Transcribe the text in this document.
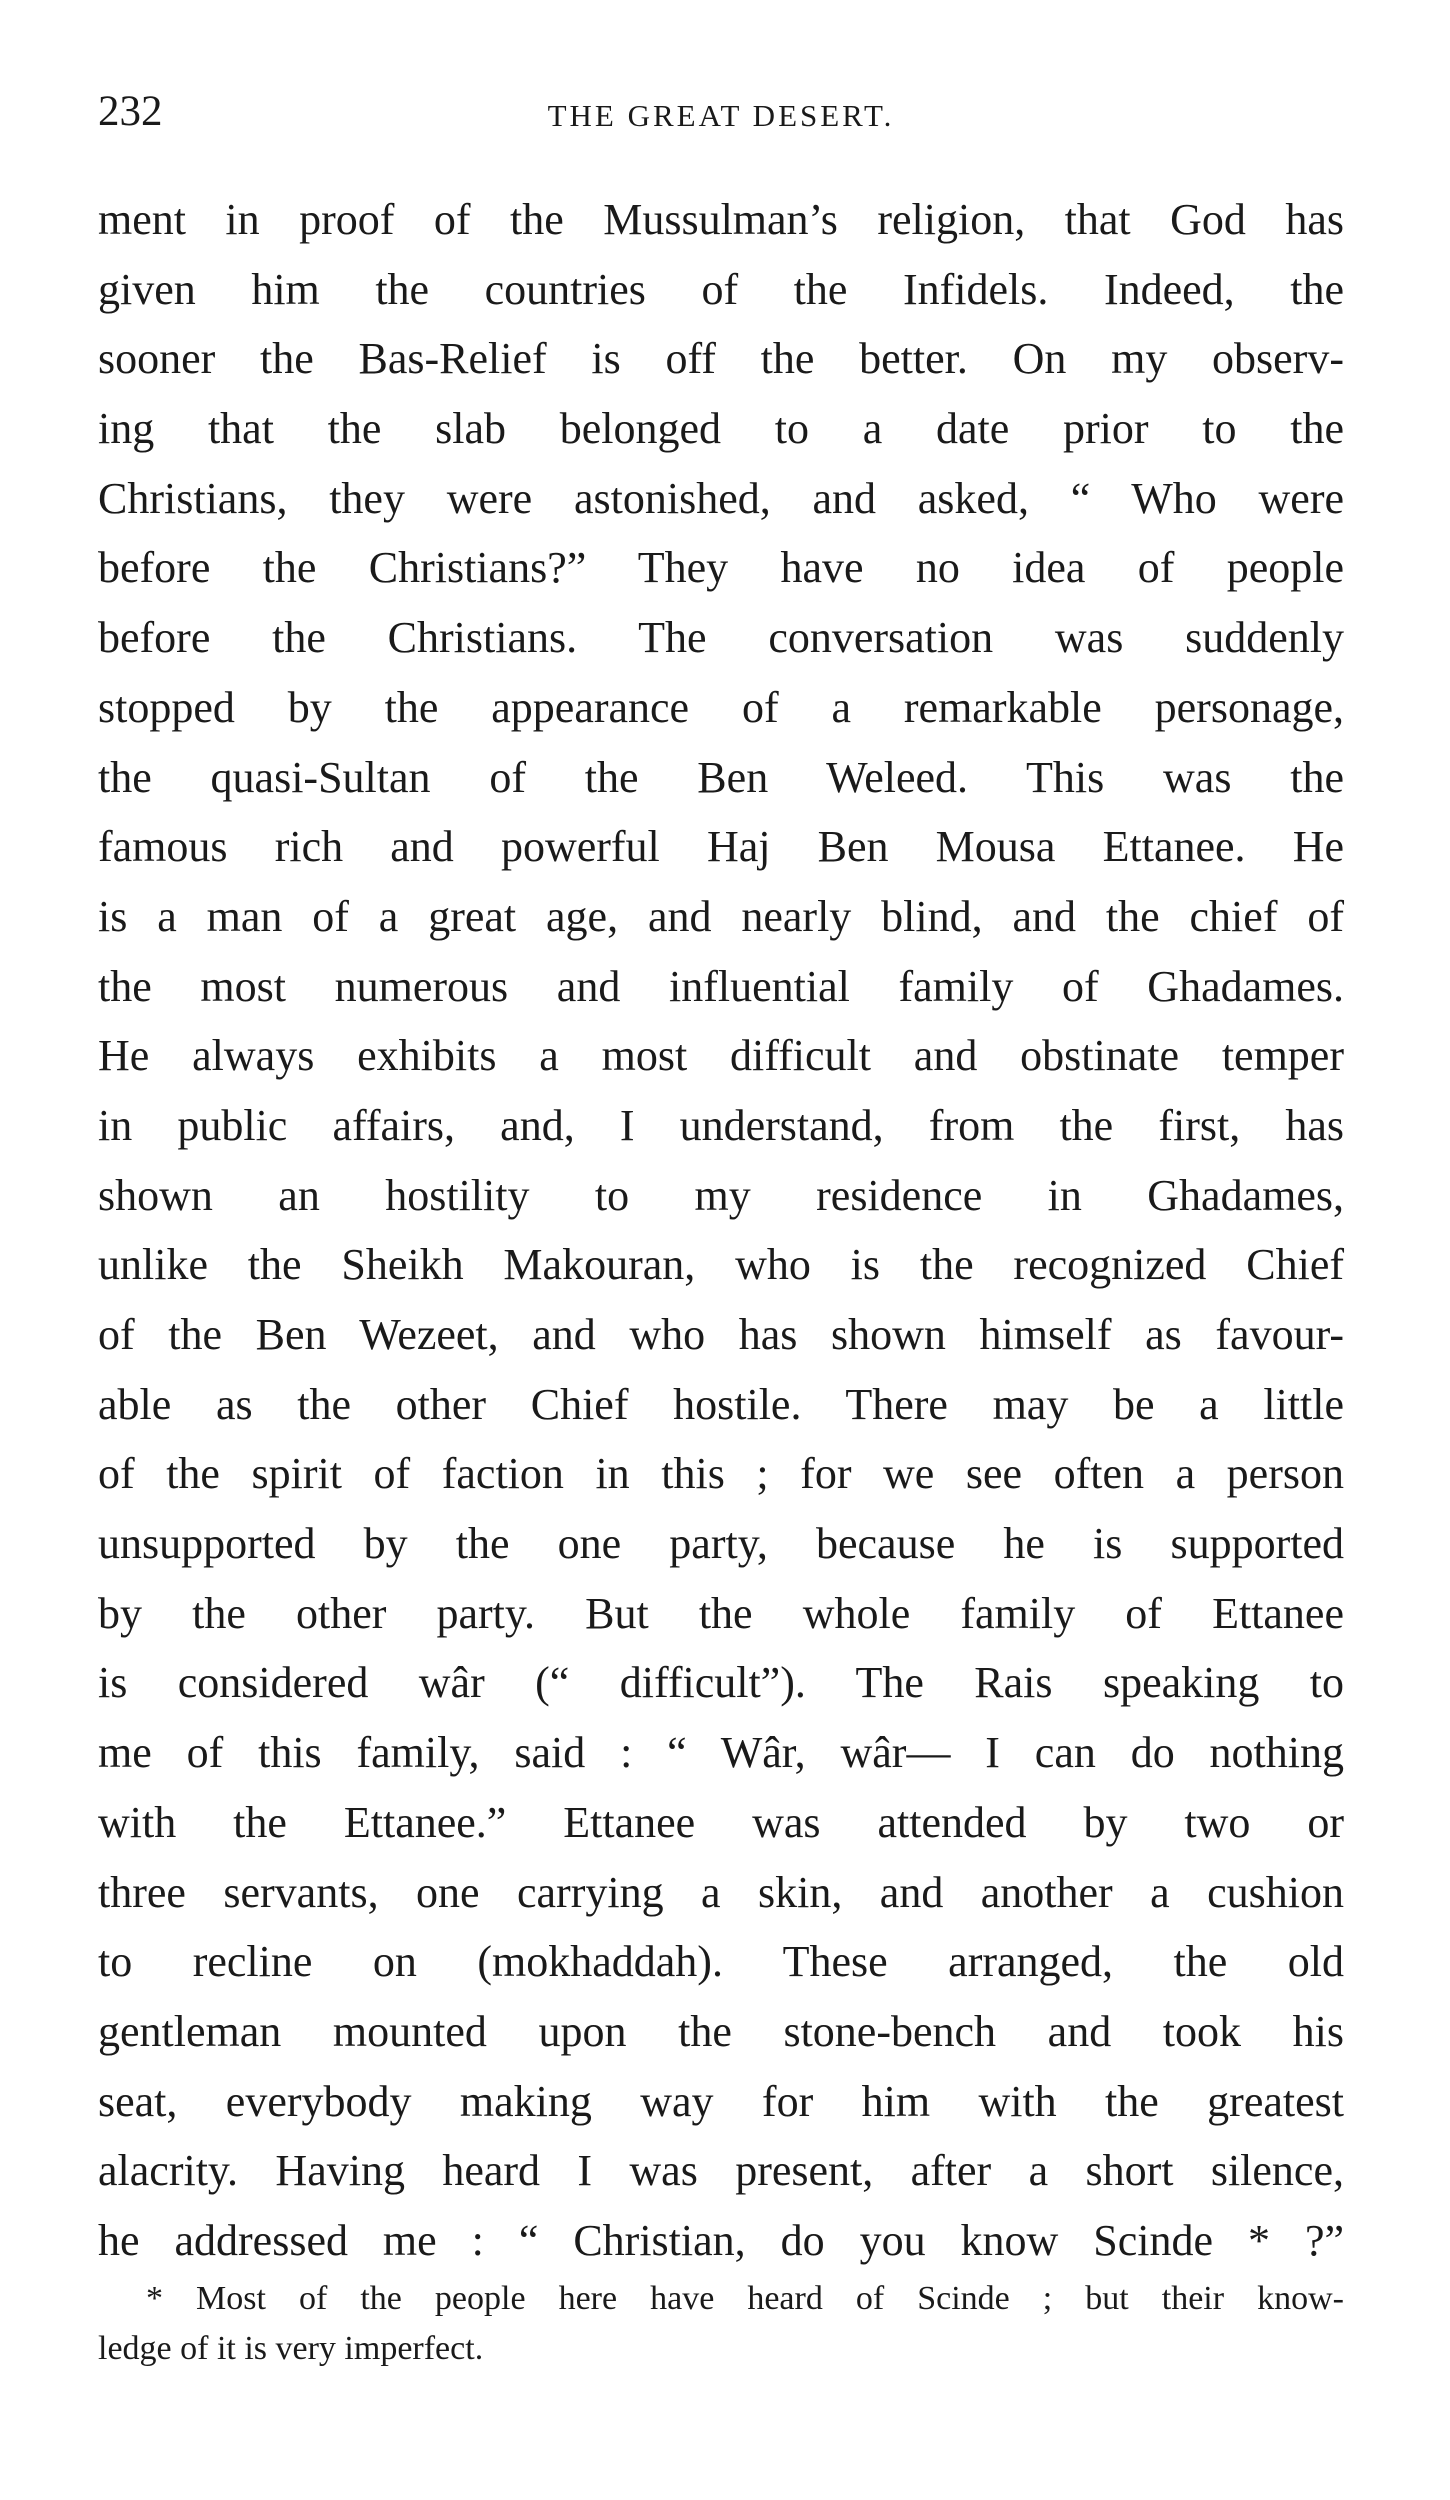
232	THE GREAT DESERT.
ment in proof of the Mussulman’s religion, that God has
given him the countries of the Infidels. Indeed, the
sooner the Bas-Relief is off the better. On my observ-
ing that the slab belonged to a date prior to the
Christians, they were astonished, and asked, “ Who were
before the Christians?” They have no idea of people
before the Christians. The conversation was suddenly
stopped by the appearance of a remarkable personage,
the quasi-Sultan of the Ben Weleed. This was the
famous rich and powerful Haj Ben Mousa Ettanee. He
is a man of a great age, and nearly blind, and the chief of
the most numerous and influential family of Ghadames.
He always exhibits a most difficult and obstinate temper
in public affairs, and, I understand, from the first, has
shown an hostility to my residence in Ghadames,
unlike the Sheikh Makouran, who is the recognized Chief
of the Ben Wezeet, and who has shown himself as favour-
able as the other Chief hostile. There may be a little
of the spirit of faction in this ; for we see often a person
unsupported by the one party, because he is supported
by the other party. But the whole family of Ettanee
is considered wâr (“ difficult”). The Rais speaking to
me of this family, said : “ Wâr, wâr— I can do nothing
with the Ettanee.” Ettanee was attended by two or
three servants, one carrying a skin, and another a cushion
to recline on (mokhaddah). These arranged, the old
gentleman mounted upon the stone-bench and took his
seat, everybody making way for him with the greatest
alacrity. Having heard I was present, after a short silence,
he addressed me : “ Christian, do you know Scinde * ?”
* Most of the people here have heard of Scinde ; but their know-
ledge of it is very imperfect.
